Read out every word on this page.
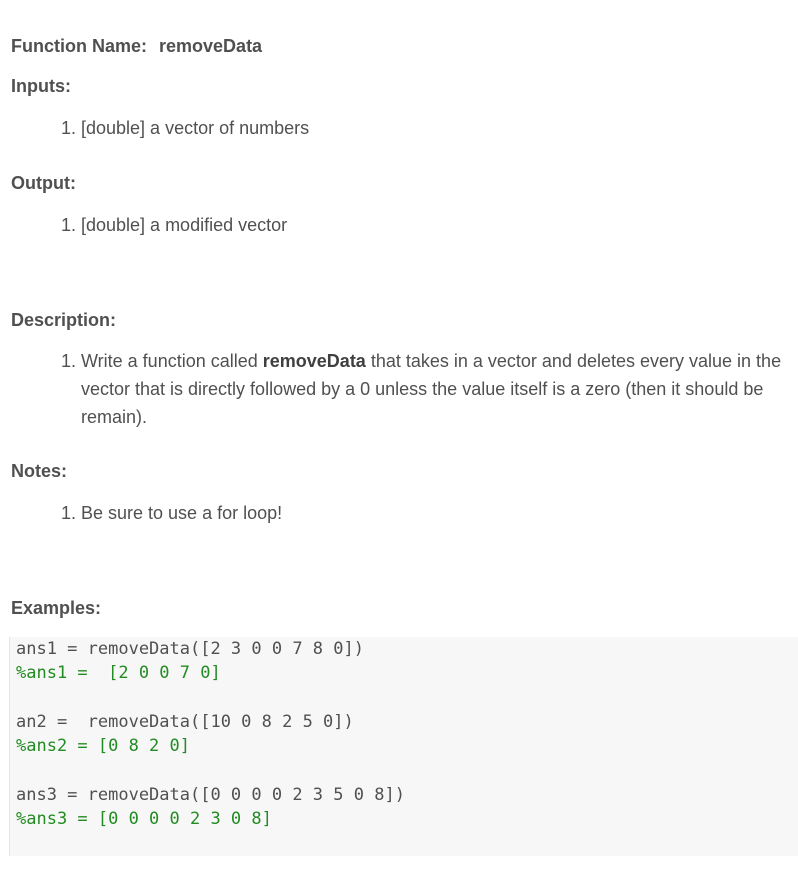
Function Name: removeData
Inputs:
1. [double] a vector of numbers
Output:
1. [double] a modified vector
Description:
1. Write a function called removeData that takes in a vector and deletes every value in the vector that is directly followed by a 0 unless the value itself is a zero (then it should be remain).
Notes:
1. Be sure to use a for loop!
Examples:
ans1 = removeData([2 3 0 0 7 8 0])
%ans1 =  [2 0 0 7 0]
an2 =  removeData([10 0 8 2 5 0])
%ans2 = [0 8 2 0]
ans3 = removeData([0 0 0 0 2 3 5 0 8])
%ans3 = [0 0 0 0 2 3 0 8]
